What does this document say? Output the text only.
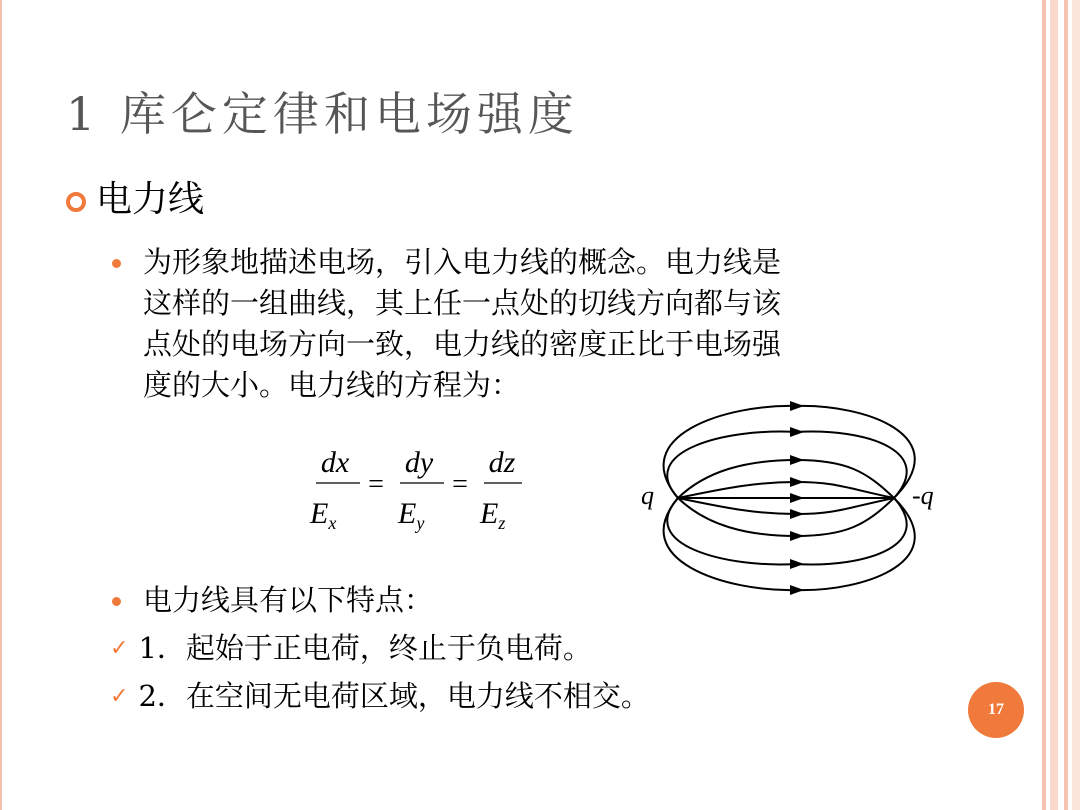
1 库仑定律和电场强度
电力线
为形象地描述电场，引入电力线的概念。电力线是
这样的一组曲线，其上任一点处的切线方向都与该
点处的电场方向一致，电力线的密度正比于电场强
度的大小。电力线的方程为：
dx
$E_x$
=
dy
$E_y$
=
dz
$E_z$
q	-q
电力线具有以下特点：
✓ 1．起始于正电荷，终止于负电荷。
✓ 2．在空间无电荷区域，电力线不相交。	17
